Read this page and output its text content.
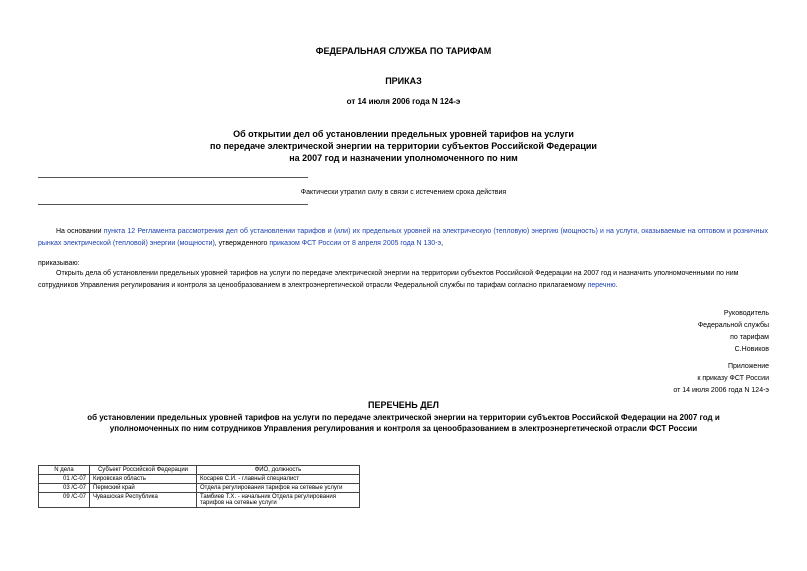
ФЕДЕРАЛЬНАЯ СЛУЖБА ПО ТАРИФАМ
ПРИКАЗ
от 14 июля 2006 года N 124-э
Об открытии дел об установлении предельных уровней тарифов на услуги
по передаче электрической энергии на территории субъектов Российской Федерации
на 2007 год и назначении уполномоченного по ним
Фактически утратил силу в связи с истечением срока действия
На основании пункта 12 Регламента рассмотрения дел об установлении тарифов и (или) их предельных уровней на электрическую (тепловую) энергию (мощность) и на услуги, оказываемые на оптовом и розничных рынках электрической (тепловой) энергии (мощности), утвержденного приказом ФСТ России от 8 апреля 2005 года N 130-э,
приказываю:
Открыть дела об установлении предельных уровней тарифов на услуги по передаче электрической энергии на территории субъектов Российской Федерации на 2007 год и назначить уполномоченными по ним сотрудников Управления регулирования и контроля за ценообразованием в электроэнергетической отрасли Федеральной службы по тарифам согласно прилагаемому перечню.
Руководитель
Федеральной службы
по тарифам
С.Новиков
Приложение
к приказу ФСТ России
от 14 июля 2006 года N 124-э
ПЕРЕЧЕНЬ ДЕЛ
об установлении предельных уровней тарифов на услуги по передаче электрической энергии на территории субъектов Российской Федерации на 2007 год и
уполномоченных по ним сотрудников Управления регулирования и контроля за ценообразованием в электроэнергетической отрасли ФСТ России
N дела	Субъект Российской Федерации	ФИО, должность
01 /С-07	Кировская область	Косарев С.И. - главный специалист
03 /С-07	Пермский край	Отдела регулирования тарифов на сетевые услуги
09 /С-07	Чувашская Республика	Тамбиев Т.Х. - начальник Отдела регулирования тарифов на сетевые услуги
